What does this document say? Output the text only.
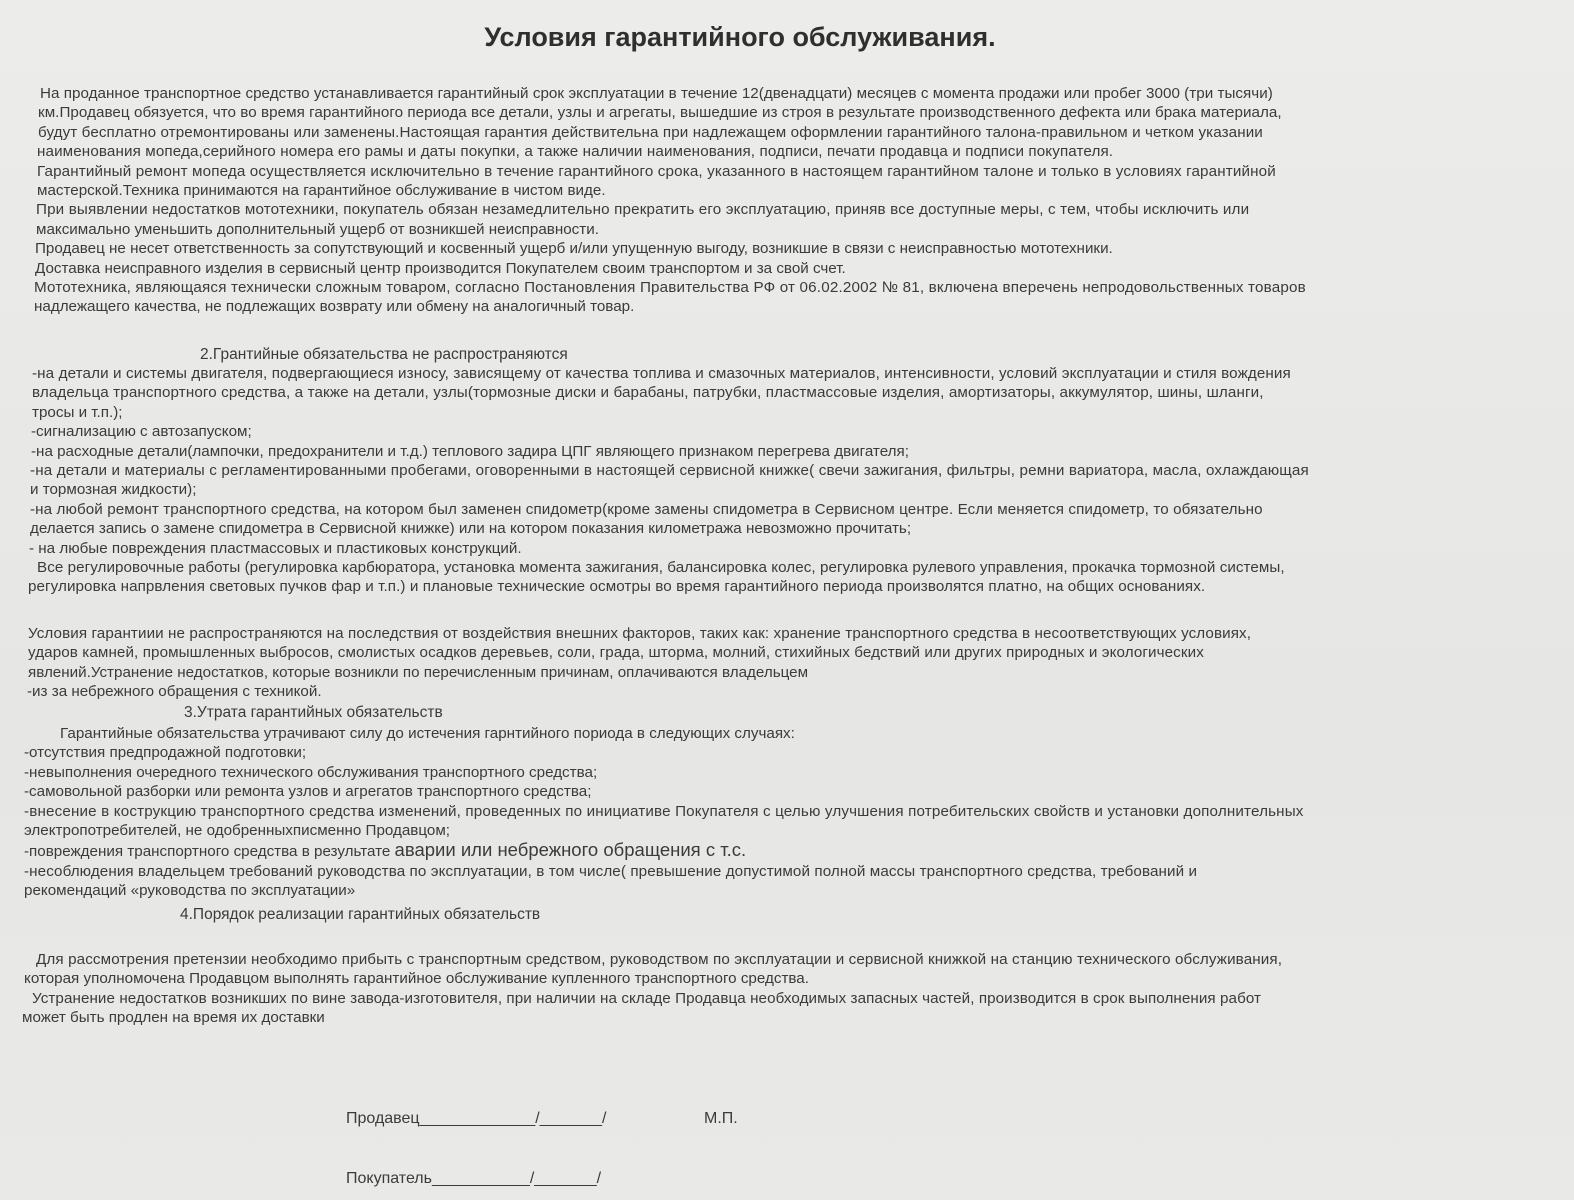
Условия гарантийного обслуживания.

На проданное транспортное средство устанавливается гарантийный срок эксплуатации в течение 12(двенадцати) месяцев с момента продажи или пробег 3000 (три тысячи)

км.Продавец обязуется, что во время гарантийного периода все детали, узлы и агрегаты, вышедшие из строя в результате производственного дефекта или брака материала,

будут бесплатно отремонтированы или заменены.Настоящая гарантия действительна при надлежащем оформлении гарантийного талона-правильном и четком указании

наименования мопеда,серийного номера его рамы и даты покупки, а также наличии наименования, подписи, печати продавца и подписи покупателя.

Гарантийный ремонт мопеда осуществляется исключительно в течение гарантийного срока, указанного в настоящем гарантийном талоне и только в условиях гарантийной

мастерской.Техника принимаются на гарантийное обслуживание в чистом виде.

При выявлении недостатков мототехники, покупатель обязан незамедлительно прекратить его эксплуатацию, приняв все доступные меры, с тем, чтобы исключить или

максимально уменьшить дополнительный ущерб от возникшей неисправности.

Продавец не несет ответственность за сопутствующий и косвенный ущерб и/или упущенную выгоду, возникшие в связи с неисправностью мототехники.

Доставка неисправного изделия в сервисный центр производится Покупателем своим транспортом и за свой счет.

Мототехника, являющаяся технически сложным товаром, согласно Постановления Правительства РФ от 06.02.2002 № 81, включена вперечень непродовольственных товаров

надлежащего качества, не подлежащих возврату или обмену на аналогичный товар.

2.Грантийные обязательства не распространяются

-на детали и системы двигателя, подвергающиеся износу, зависящему от качества топлива и смазочных материалов, интенсивности, условий эксплуатации и стиля вождения

владельца транспортного средства, а также на детали, узлы(тормозные диски и барабаны, патрубки, пластмассовые изделия, амортизаторы, аккумулятор, шины, шланги,

тросы и т.п.);

-сигнализацию с автозапуском;

-на расходные детали(лампочки, предохранители и т.д.) теплового задира ЦПГ являющего признаком перегрева двигателя;

-на детали и материалы с регламентированными пробегами, оговоренными в настоящей сервисной книжке( свечи зажигания, фильтры, ремни вариатора, масла, охлаждающая

и тормозная жидкости);

-на любой ремонт транспортного средства, на котором был заменен спидометр(кроме замены спидометра в Сервисном центре. Если меняется спидометр, то обязательно

делается запись о замене спидометра в Сервисной книжке) или на котором показания километража невозможно прочитать;

- на любые повреждения пластмассовых и пластиковых конструкций.

Все регулировочные работы (регулировка карбюратора, установка момента зажигания, балансировка колес, регулировка рулевого управления, прокачка тормозной системы,

регулировка напрвления световых пучков фар и т.п.) и плановые технические осмотры во время гарантийного периода произволятся платно, на общих основаниях.

Условия гарантиии не распространяются на последствия от воздействия внешних факторов, таких как: хранение транспортного средства в несоответствующих условиях,

ударов камней, промышленных выбросов, смолистых осадков деревьев, соли, града, шторма, молний, стихийных бедствий или других природных и экологических

явлений.Устранение недостатков, которые возникли по перечисленным причинам, оплачиваются владельцем

-из за небрежного обращения с техникой.

3.Утрата гарантийных обязательств

Гарантийные обязательства утрачивают силу до истечения гарнтийного пориода в следующих случаях:

-отсутствия предпродажной подготовки;

-невыполнения очередного технического обслуживания транспортного средства;

-самовольной разборки или ремонта узлов и агрегатов транспортного средства;

-внесение в кострукцию транспортного средства изменений, проведенных по инициативе Покупателя с целью улучшения потребительских свойств и установки дополнительных

электропотребителей, не одобренныхписменно Продавцом;

-повреждения транспортного средства в результате аварии или небрежного обращения с т.с.

-несоблюдения владельцем требований руководства по эксплуатации, в том числе( превышение допустимой полной массы транспортного средства, требований и

рекомендаций «руководства по эксплуатации»

4.Порядок реализации гарантийных обязательств

Для рассмотрения претензии необходимо прибыть с транспортным средством, руководством по эксплуатации и сервисной книжкой на станцию технического обслуживания,

которая уполномочена Продавцом выполнять гарантийное обслуживание купленного транспортного средства.

Устранение недостатков возникших по вине завода-изготовителя, при наличии на складе Продавца необходимых запасных частей, производится в срок выполнения работ

может быть продлен на время их доставки

Продавец_____________/_______/	М.П.
Покупатель___________/_______/
